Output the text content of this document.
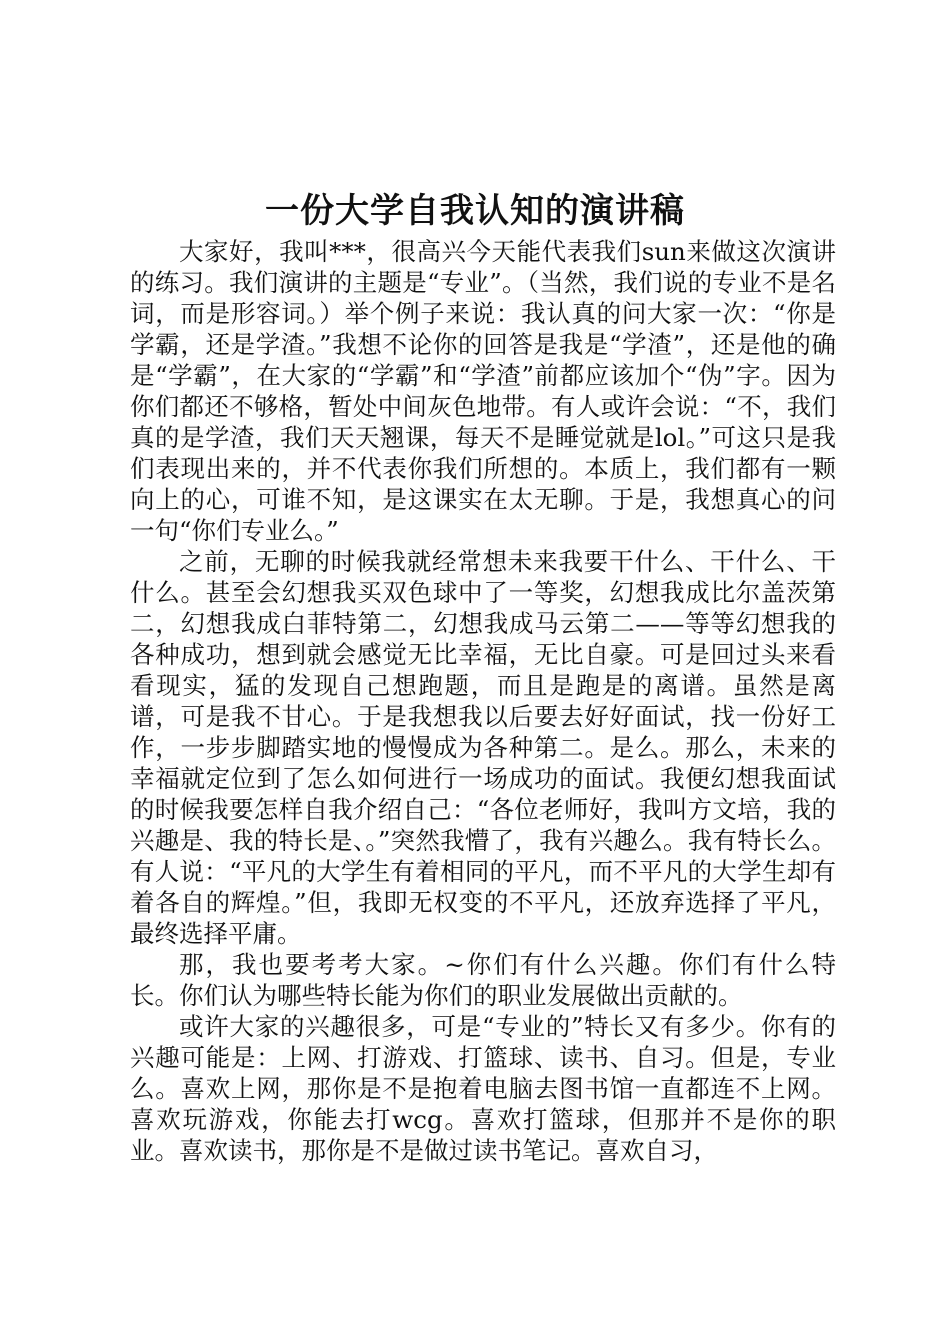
一份大学自我认知的演讲稿

大家好，我叫***，很高兴今天能代表我们sun来做这次演讲的练习。我们演讲的主题是“专业”。（当然，我们说的专业不是名词，而是形容词。）举个例子来说：我认真的问大家一次：“你是学霸，还是学渣。”我想不论你的回答是我是“学渣”，还是他的确是“学霸”，在大家的“学霸”和“学渣”前都应该加个“伪”字。因为你们都还不够格，暂处中间灰色地带。有人或许会说：“不，我们真的是学渣，我们天天翘课，每天不是睡觉就是lol。”可这只是我们表现出来的，并不代表你我们所想的。本质上，我们都有一颗向上的心，可谁不知，是这课实在太无聊。于是，我想真心的问一句“你们专业么。”

之前，无聊的时候我就经常想未来我要干什么、干什么、干什么。甚至会幻想我买双色球中了一等奖，幻想我成比尔盖茨第二，幻想我成白菲特第二，幻想我成马云第二——等等幻想我的各种成功，想到就会感觉无比幸福，无比自豪。可是回过头来看看现实，猛的发现自己想跑题，而且是跑是的离谱。虽然是离谱，可是我不甘心。于是我想我以后要去好好面试，找一份好工作，一步步脚踏实地的慢慢成为各种第二。是么。那么，未来的幸福就定位到了怎么如何进行一场成功的面试。我便幻想我面试的时候我要怎样自我介绍自己：“各位老师好，我叫方文培，我的兴趣是、我的特长是、。”突然我懵了，我有兴趣么。我有特长么。有人说：“平凡的大学生有着相同的平凡，而不平凡的大学生却有着各自的辉煌。”但，我即无权变的不平凡，还放弃选择了平凡，最终选择平庸。

那，我也要考考大家。~你们有什么兴趣。你们有什么特长。你们认为哪些特长能为你们的职业发展做出贡献的。

或许大家的兴趣很多，可是“专业的”特长又有多少。你有的兴趣可能是：上网、打游戏、打篮球、读书、自习。但是，专业么。喜欢上网，那你是不是抱着电脑去图书馆一直都连不上网。喜欢玩游戏，你能去打wcg。喜欢打篮球，但那并不是你的职业。喜欢读书，那你是不是做过读书笔记。喜欢自习，
